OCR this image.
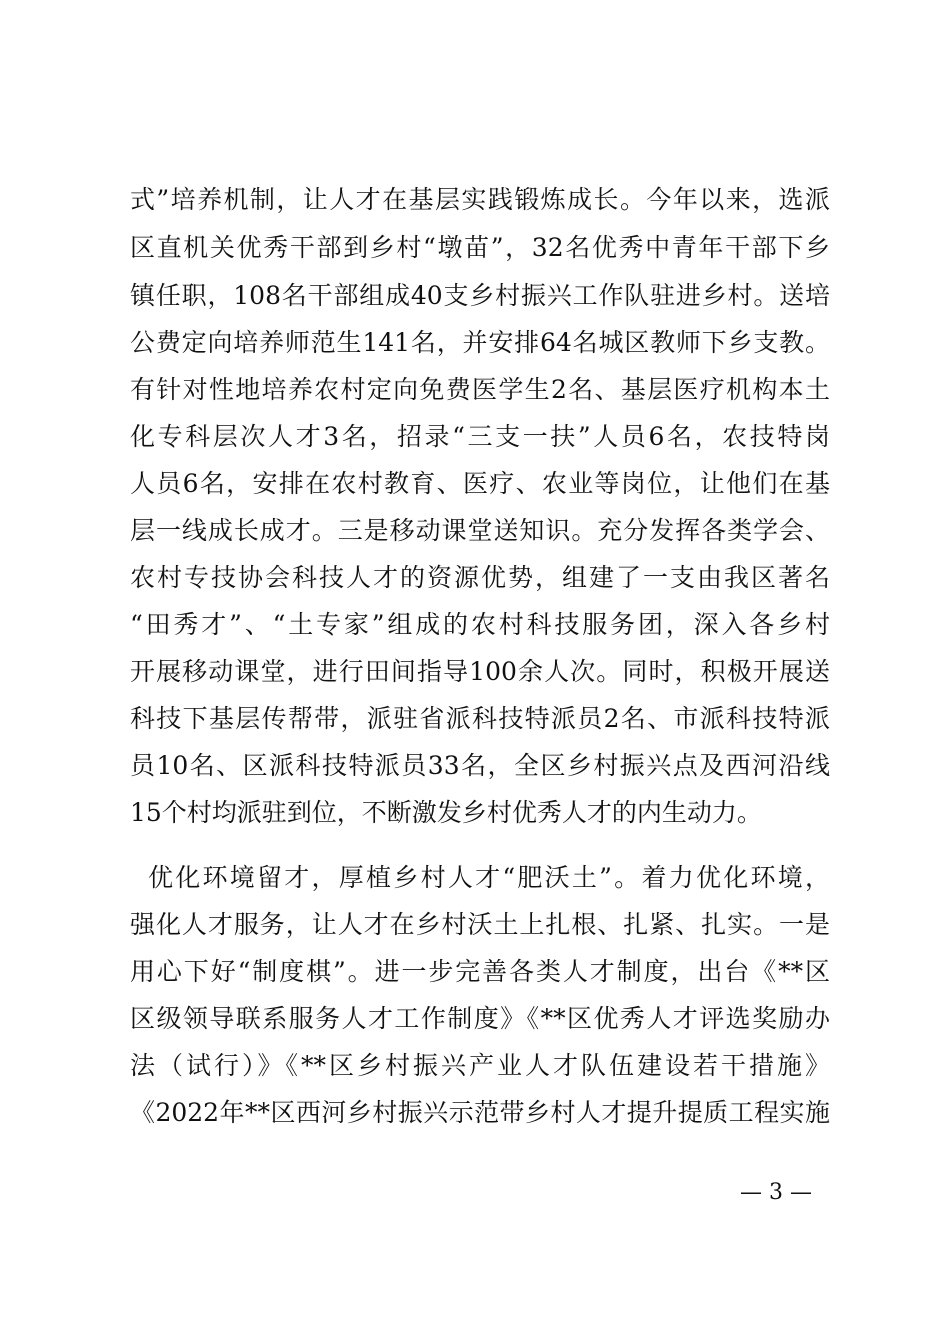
式”培养机制，让人才在基层实践锻炼成长。今年以来，选派
区直机关优秀干部到乡村“墩苗”，32名优秀中青年干部下乡
镇任职，108名干部组成40支乡村振兴工作队驻进乡村。送培
公费定向培养师范生141名，并安排64名城区教师下乡支教。
有针对性地培养农村定向免费医学生2名、基层医疗机构本土
化专科层次人才3名，招录“三支一扶”人员6名，农技特岗
人员6名，安排在农村教育、医疗、农业等岗位，让他们在基
层一线成长成才。三是移动课堂送知识。充分发挥各类学会、
农村专技协会科技人才的资源优势，组建了一支由我区著名
“田秀才”、“土专家”组成的农村科技服务团，深入各乡村
开展移动课堂，进行田间指导100余人次。同时，积极开展送
科技下基层传帮带，派驻省派科技特派员2名、市派科技特派
员10名、区派科技特派员33名，全区乡村振兴点及西河沿线
15个村均派驻到位，不断激发乡村优秀人才的内生动力。
优化环境留才，厚植乡村人才“肥沃土”。着力优化环境，
强化人才服务，让人才在乡村沃土上扎根、扎紧、扎实。一是
用心下好“制度棋”。进一步完善各类人才制度，出台《**区
区级领导联系服务人才工作制度》《**区优秀人才评选奖励办
法（试行）》《**区乡村振兴产业人才队伍建设若干措施》
《2022年**区西河乡村振兴示范带乡村人才提升提质工程实施
— 3 —
